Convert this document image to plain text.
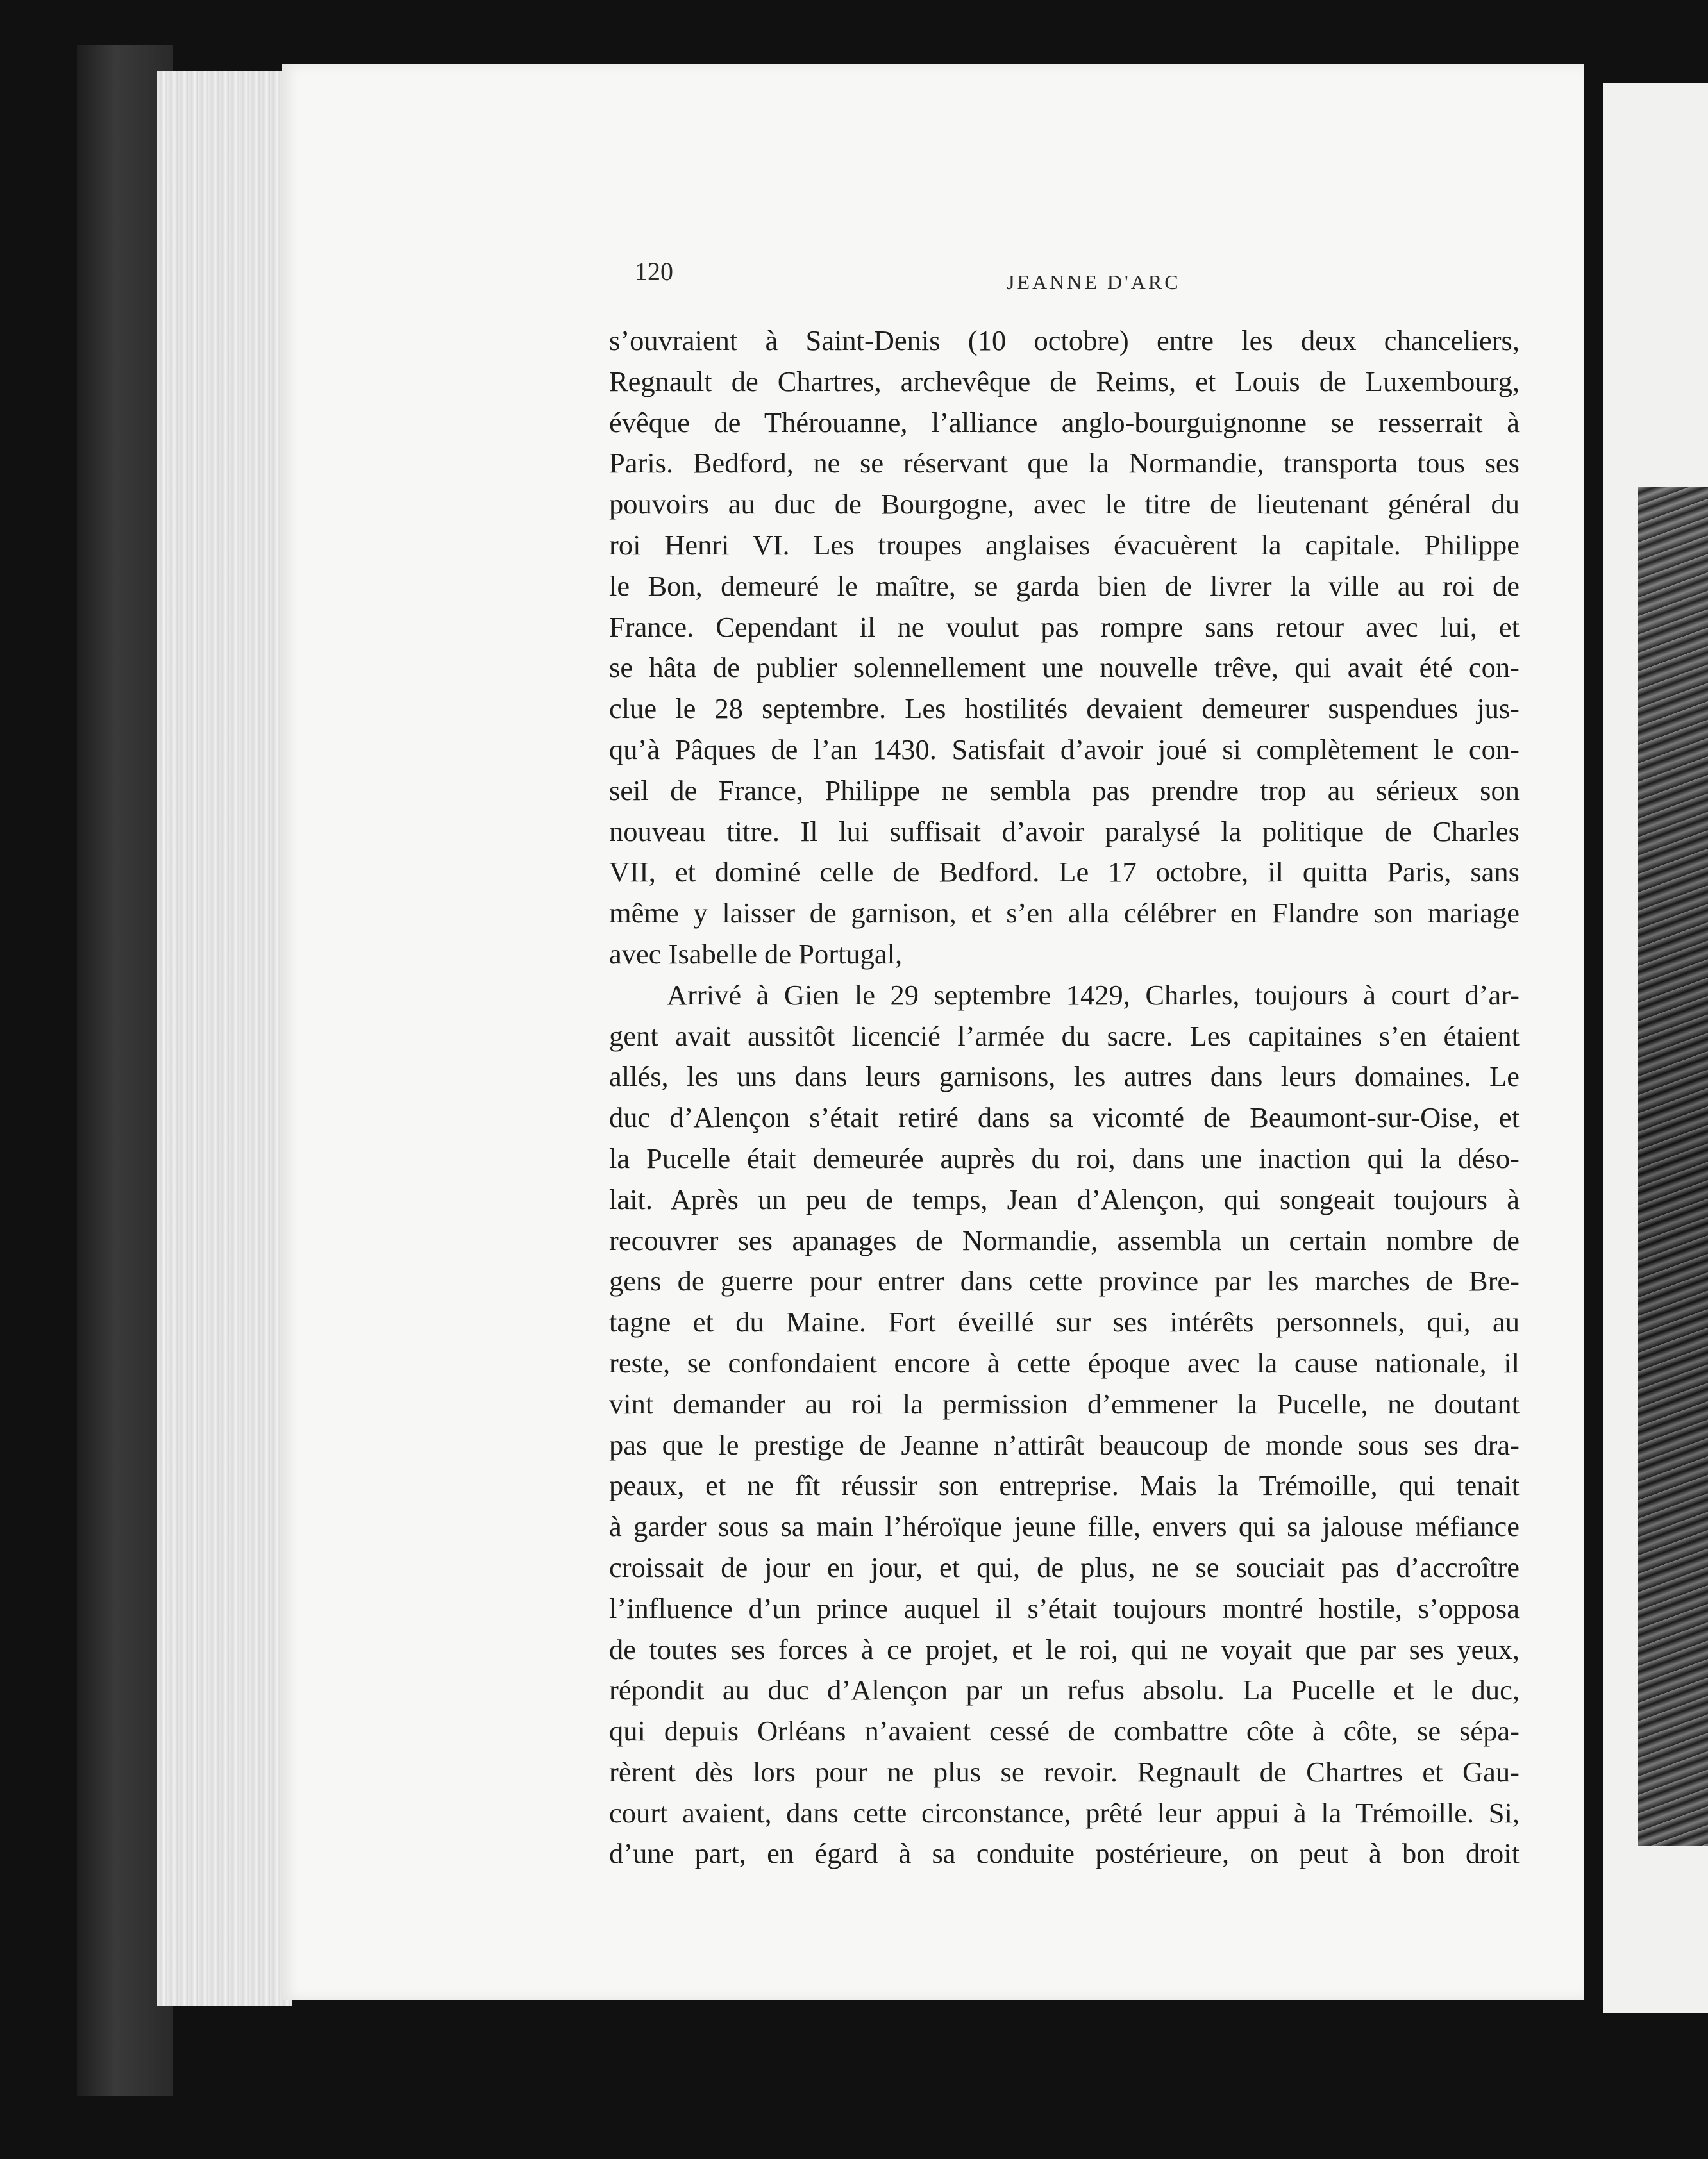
120	JEANNE D'ARC
s’ouvraient à Saint-Denis (10 octobre) entre les deux chanceliers,
Regnault de Chartres, archevêque de Reims, et Louis de Luxembourg,
évêque de Thérouanne, l’alliance anglo-bourguignonne se resserrait à
Paris. Bedford, ne se réservant que la Normandie, transporta tous ses
pouvoirs au duc de Bourgogne, avec le titre de lieutenant général du
roi Henri VI. Les troupes anglaises évacuèrent la capitale. Philippe
le Bon, demeuré le maître, se garda bien de livrer la ville au roi de
France. Cependant il ne voulut pas rompre sans retour avec lui, et
se hâta de publier solennellement une nouvelle trêve, qui avait été con-
clue le 28 septembre. Les hostilités devaient demeurer suspendues jus-
qu’à Pâques de l’an 1430. Satisfait d’avoir joué si complètement le con-
seil de France, Philippe ne sembla pas prendre trop au sérieux son
nouveau titre. Il lui suffisait d’avoir paralysé la politique de Charles
VII, et dominé celle de Bedford. Le 17 octobre, il quitta Paris, sans
même y laisser de garnison, et s’en alla célébrer en Flandre son mariage
avec Isabelle de Portugal,
Arrivé à Gien le 29 septembre 1429, Charles, toujours à court d’ar-
gent avait aussitôt licencié l’armée du sacre. Les capitaines s’en étaient
allés, les uns dans leurs garnisons, les autres dans leurs domaines. Le
duc d’Alençon s’était retiré dans sa vicomté de Beaumont-sur-Oise, et
la Pucelle était demeurée auprès du roi, dans une inaction qui la déso-
lait. Après un peu de temps, Jean d’Alençon, qui songeait toujours à
recouvrer ses apanages de Normandie, assembla un certain nombre de
gens de guerre pour entrer dans cette province par les marches de Bre-
tagne et du Maine. Fort éveillé sur ses intérêts personnels, qui, au
reste, se confondaient encore à cette époque avec la cause nationale, il
vint demander au roi la permission d’emmener la Pucelle, ne doutant
pas que le prestige de Jeanne n’attirât beaucoup de monde sous ses dra-
peaux, et ne fît réussir son entreprise. Mais la Trémoille, qui tenait
à garder sous sa main l’héroïque jeune fille, envers qui sa jalouse méfiance
croissait de jour en jour, et qui, de plus, ne se souciait pas d’accroître
l’influence d’un prince auquel il s’était toujours montré hostile, s’opposa
de toutes ses forces à ce projet, et le roi, qui ne voyait que par ses yeux,
répondit au duc d’Alençon par un refus absolu. La Pucelle et le duc,
qui depuis Orléans n’avaient cessé de combattre côte à côte, se sépa-
rèrent dès lors pour ne plus se revoir. Regnault de Chartres et Gau-
court avaient, dans cette circonstance, prêté leur appui à la Trémoille. Si,
d’une part, en égard à sa conduite postérieure, on peut à bon droit
